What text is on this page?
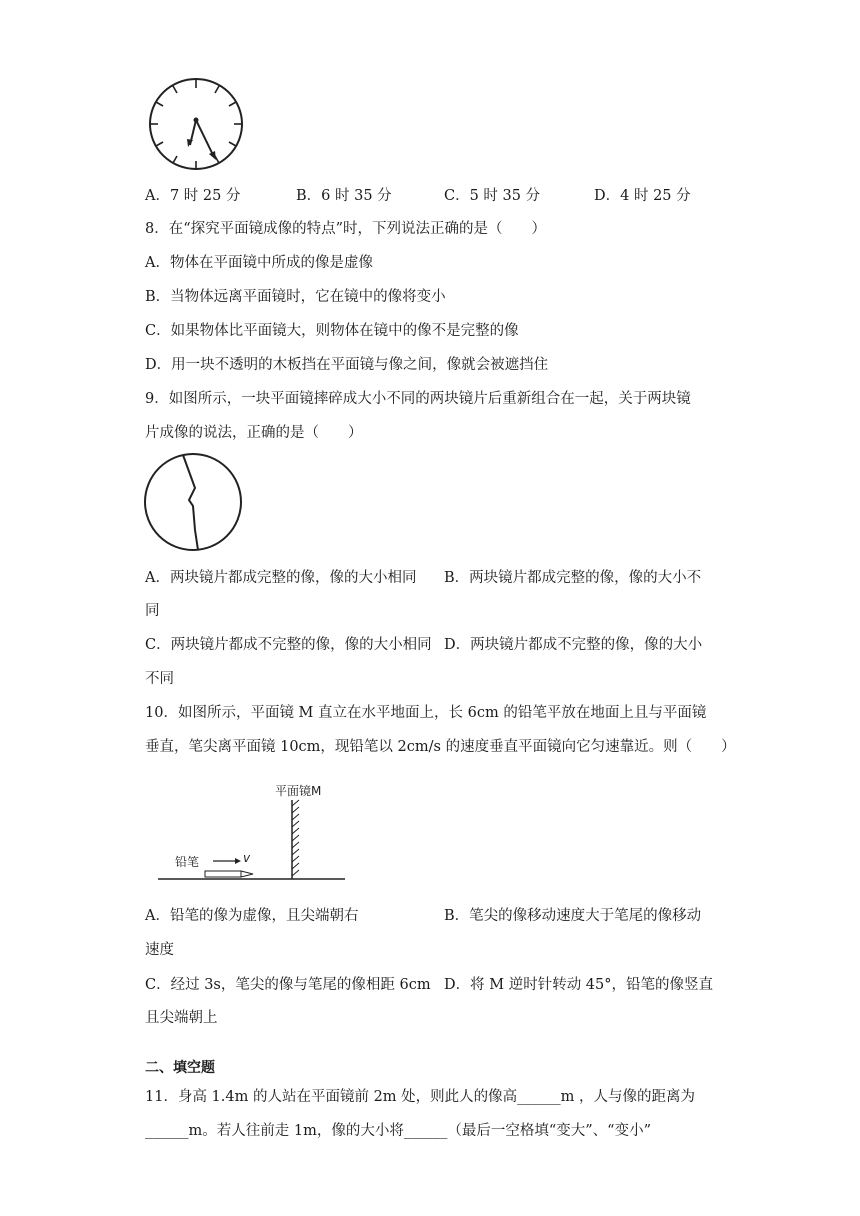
A．7 时 25 分	B．6 时 35 分	C．5 时 35 分	D．4 时 25 分
8．在“探究平面镜成像的特点”时，下列说法正确的是（　　）
A．物体在平面镜中所成的像是虚像
B．当物体远离平面镜时，它在镜中的像将变小
C．如果物体比平面镜大，则物体在镜中的像不是完整的像
D．用一块不透明的木板挡在平面镜与像之间，像就会被遮挡住
9．如图所示，一块平面镜摔碎成大小不同的两块镜片后重新组合在一起，关于两块镜
片成像的说法，正确的是（　　）
A．两块镜片都成完整的像，像的大小相同 B．两块镜片都成完整的像，像的大小不
同
C．两块镜片都成不完整的像，像的大小相同 D．两块镜片都成不完整的像，像的大小
不同
10．如图所示，平面镜 M 直立在水平地面上，长 6cm 的铅笔平放在地面上且与平面镜
垂直，笔尖离平面镜 10cm，现铅笔以 2cm/s 的速度垂直平面镜向它匀速靠近。则（　　）
平面镜M
铅笔	v
A．铅笔的像为虚像，且尖端朝右	B．笔尖的像移动速度大于笔尾的像移动
速度
C．经过 3s，笔尖的像与笔尾的像相距 6cm D．将 M 逆时针转动 45°，铅笔的像竖直
且尖端朝上
二、填空题
11．身高 1.4m 的人站在平面镜前 2m 处，则此人的像高______m ，人与像的距离为
______m。若人往前走 1m，像的大小将______（最后一空格填“变大”、“变小”
